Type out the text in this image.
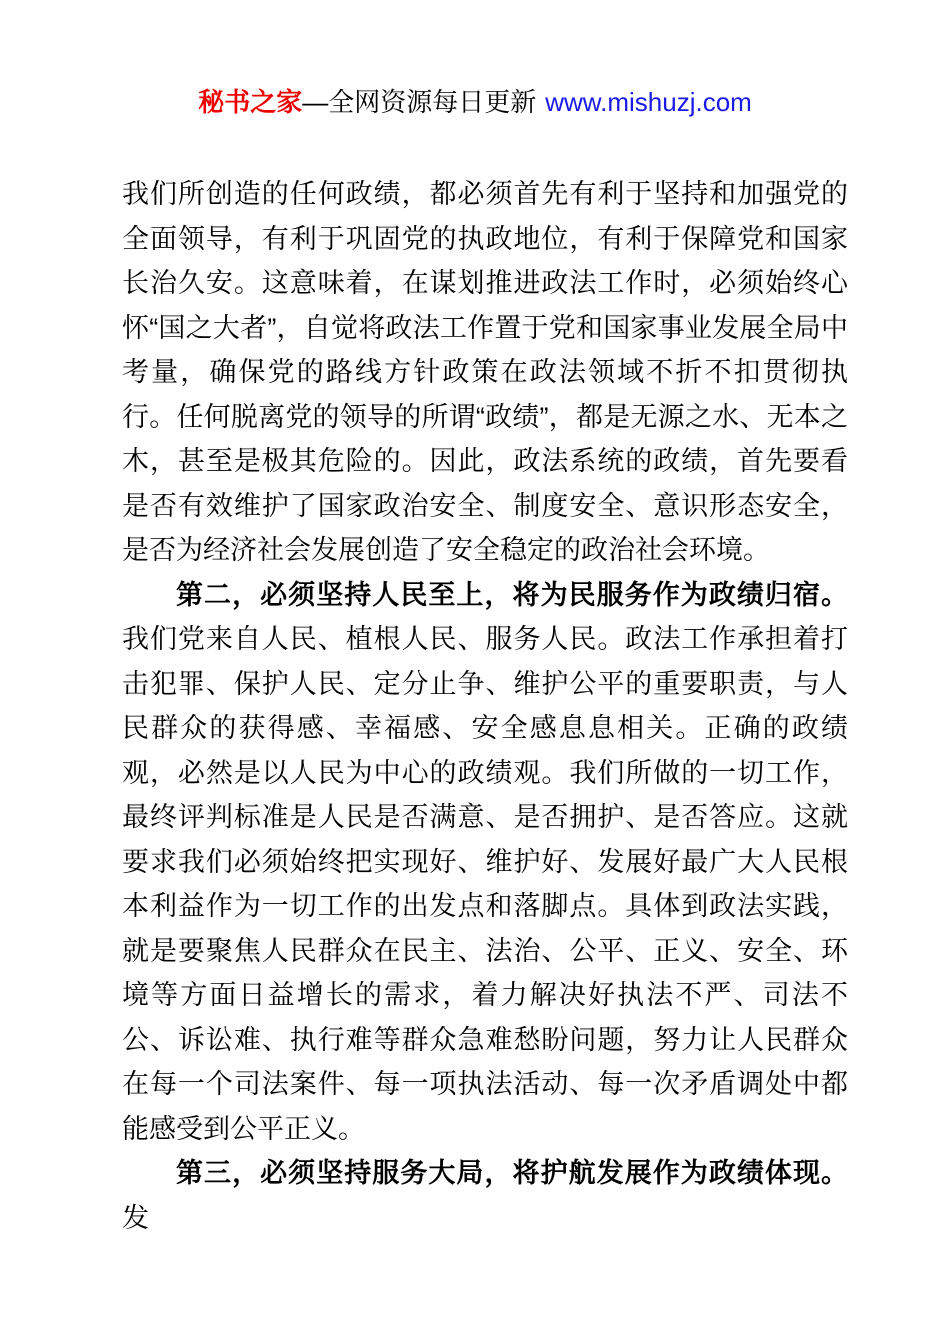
秘书之家—全网资源每日更新 www.mishuzj.com

我们所创造的任何政绩，都必须首先有利于坚持和加强党的全面领导，有利于巩固党的执政地位，有利于保障党和国家长治久安。这意味着，在谋划推进政法工作时，必须始终心怀“国之大者”，自觉将政法工作置于党和国家事业发展全局中考量，确保党的路线方针政策在政法领域不折不扣贯彻执行。任何脱离党的领导的所谓“政绩”，都是无源之水、无本之木，甚至是极其危险的。因此，政法系统的政绩，首先要看是否有效维护了国家政治安全、制度安全、意识形态安全，是否为经济社会发展创造了安全稳定的政治社会环境。

第二，必须坚持人民至上，将为民服务作为政绩归宿。我们党来自人民、植根人民、服务人民。政法工作承担着打击犯罪、保护人民、定分止争、维护公平的重要职责，与人民群众的获得感、幸福感、安全感息息相关。正确的政绩观，必然是以人民为中心的政绩观。我们所做的一切工作，最终评判标准是人民是否满意、是否拥护、是否答应。这就要求我们必须始终把实现好、维护好、发展好最广大人民根本利益作为一切工作的出发点和落脚点。具体到政法实践，就是要聚焦人民群众在民主、法治、公平、正义、安全、环境等方面日益增长的需求，着力解决好执法不严、司法不公、诉讼难、执行难等群众急难愁盼问题，努力让人民群众在每一个司法案件、每一项执法活动、每一次矛盾调处中都能感受到公平正义。

第三，必须坚持服务大局，将护航发展作为政绩体现。发
